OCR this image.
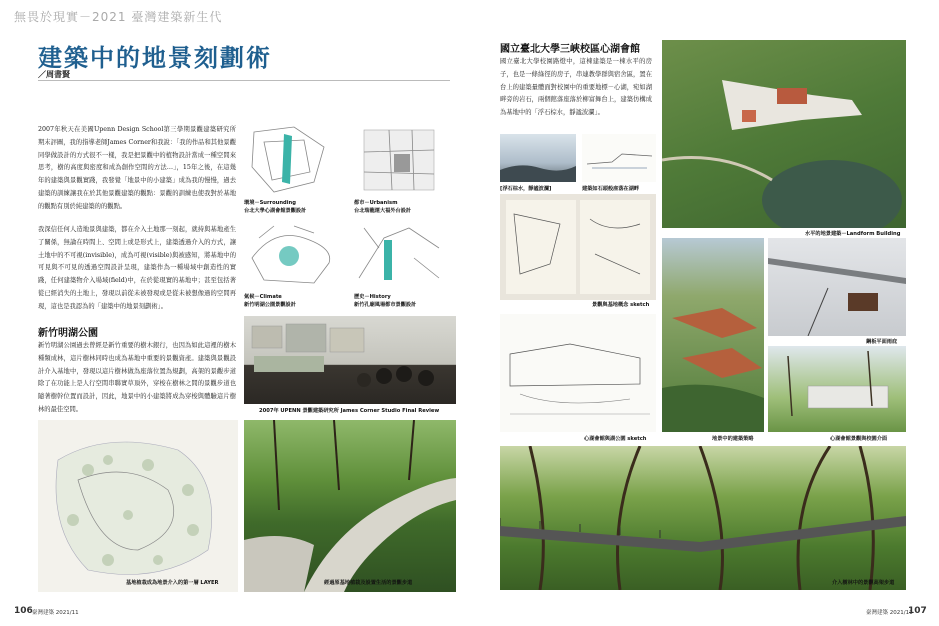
無畏於現實－2021 臺灣建築新生代
建築中的地景刻劃術
／周書賢

2007年秋天在美國Upenn Design School第三學期景觀建築研究所期末評圖，我的指導老師James Corner和我說：「我的作品和其他景觀同學做設計的方式很不一樣，我是把景觀中的植物設計當成一種空間來思考，樹的高度與密度和成為創作空間的方法…」，15年之後，在這幾年的建築與景觀實踐，我發覺「地景中的小建築」成為我的慢慢，過去建築的訓練讓我在於其他景觀建築的觀點：景觀的訓練也使我對於基地的觀點有別於純建築的的觀點。

我深信任何人造地景與建築，都在介入土地那一刻起，就持與基地產生了關係，無論在時間上、空間上或是形式上，建築透過介入的方式，讓土地中的不可視(invisible)，成為可視(visible)與被感知，將基地中的可見與不可見的透過空間設計呈現，建築作為一種場域中創造性的實踐，任何建築物介入場域(field)中，在於從現實的基地中；甚至包括著從已經消失的土地上，發現以前從未被發現或是從未被想像過的空間再現，這也是我認為的「建築中的地景刻劃術」。

新竹明湖公園

新竹明湖公園過去曾經是新竹重要的樹木銀行，也因為如此這裡的樹木種類成林，這片樹林同時也成為基地中重要的景觀資產。建築與景觀設計介入基地中，發現以這片樹林做為座落位置為規劃，高架的景觀步道除了在功能上是人行空間串聯實草頂外，穿梭在樹林之間的景觀步道也隨著樹幹位置而設計，因此，地景中的小建築將成為穿梭與體驗這片樹林的最佳空間。

環境－Surrounding
台北大學心湖會館景觀設計
都市－Urbanism
台北瑞龍運大福外台設計
氣候－Climate
新竹明湖公園景觀設計
歷史－History
新竹孔廟風場都市景觀設計
2007年 UPENN 景觀建築研究所 James Corner Studio Final Review
基地植栽成為地景介入的第一層 LAYER	經過原基地植栽及設置生活的景觀步道
106 臺灣建築 2021/11
國立臺北大學三峽校區心湖會館

國立臺北大學校園路燈中，這棟建築是一棟水平的房子，也是一條綠徑的房子，串連教學群與宿舍區，置在台上的建築量體面對校園中的重要地標－心湖，宛如湖畔旁的岩石，兩個館落座落於柳富舞台上，建築仿構成為基地中的「浮石棕水，靜謐波瀾」。

水平的地景建築－Landform Building
[浮石棕水，靜謐波瀾]	建築如石頭般座落在湖畔
景觀與基地概念 sketch
心湖會館與湖公園 sketch	地景中的建築策略
鋼板平面雨庇
心湖會館景觀與校園介面
介入樹林中的景觀高架步道
臺灣建築 2021/11
107
